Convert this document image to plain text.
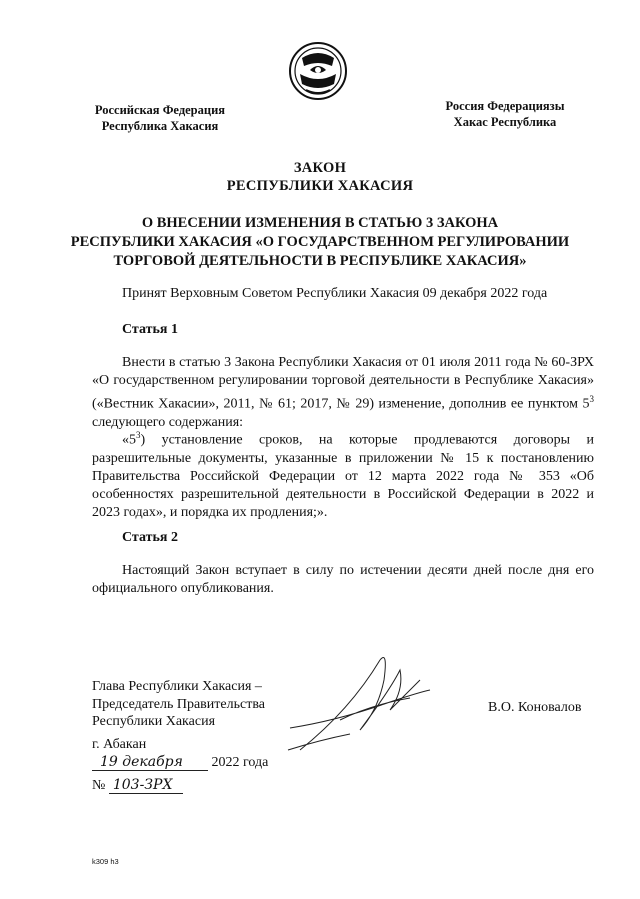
Российская Федерация
Республика Хакасия
Россия Федерациязы
Хакас Республика
ЗАКОН
РЕСПУБЛИКИ ХАКАСИЯ
О ВНЕСЕНИИ ИЗМЕНЕНИЯ В СТАТЬЮ 3 ЗАКОНА
РЕСПУБЛИКИ ХАКАСИЯ «О ГОСУДАРСТВЕННОМ РЕГУЛИРОВАНИИ
ТОРГОВОЙ ДЕЯТЕЛЬНОСТИ В РЕСПУБЛИКЕ ХАКАСИЯ»
Принят Верховным Советом Республики Хакасия 09 декабря 2022 года
Статья 1
Внести в статью 3 Закона Республики Хакасия от 01 июля 2011 года № 60-ЗРХ «О государственном регулировании торговой деятельности в Республике Хакасия» («Вестник Хакасии», 2011, № 61; 2017, № 29) изменение, дополнив ее пунктом $5^3$ следующего содержания:
«$5^3$) установление сроков, на которые продлеваются договоры и разрешительные документы, указанные в приложении № 15 к постановлению Правительства Российской Федерации от 12 марта 2022 года № 353 «Об особенностях разрешительной деятельности в Российской Федерации в 2022 и 2023 годах», и порядка их продления;».
Статья 2
Настоящий Закон вступает в силу по истечении десяти дней после дня его официального опубликования.
Глава Республики Хакасия –
Председатель Правительства
Республики Хакасия
В.О. Коновалов
г. Абакан
19 декабря 2022 года
№ 103-ЗРХ
k309 h3
